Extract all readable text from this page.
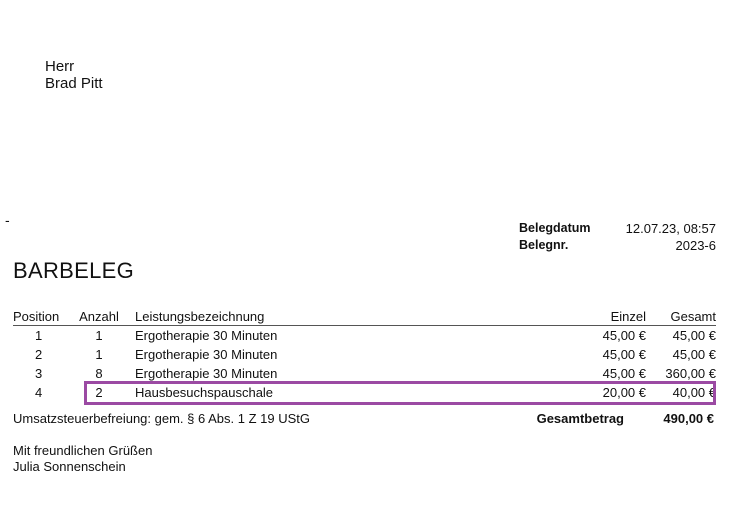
Herr
Brad Pitt
-	Belegdatum	12.07.23, 08:57
Belegnr.	2023-6
BARBELEG
Position	Anzahl	Leistungsbezeichnung	Einzel	Gesamt
1	1	Ergotherapie 30 Minuten	45,00 €	45,00 €
2	1	Ergotherapie 30 Minuten	45,00 €	45,00 €
3	8	Ergotherapie 30 Minuten	45,00 €	360,00 €
4	2	Hausbesuchspauschale	20,00 €	40,00 €
Umsatzsteuerbefreiung: gem. § 6 Abs. 1 Z 19 UStG	Gesamtbetrag	490,00 €
Mit freundlichen Grüßen
Julia Sonnenschein
